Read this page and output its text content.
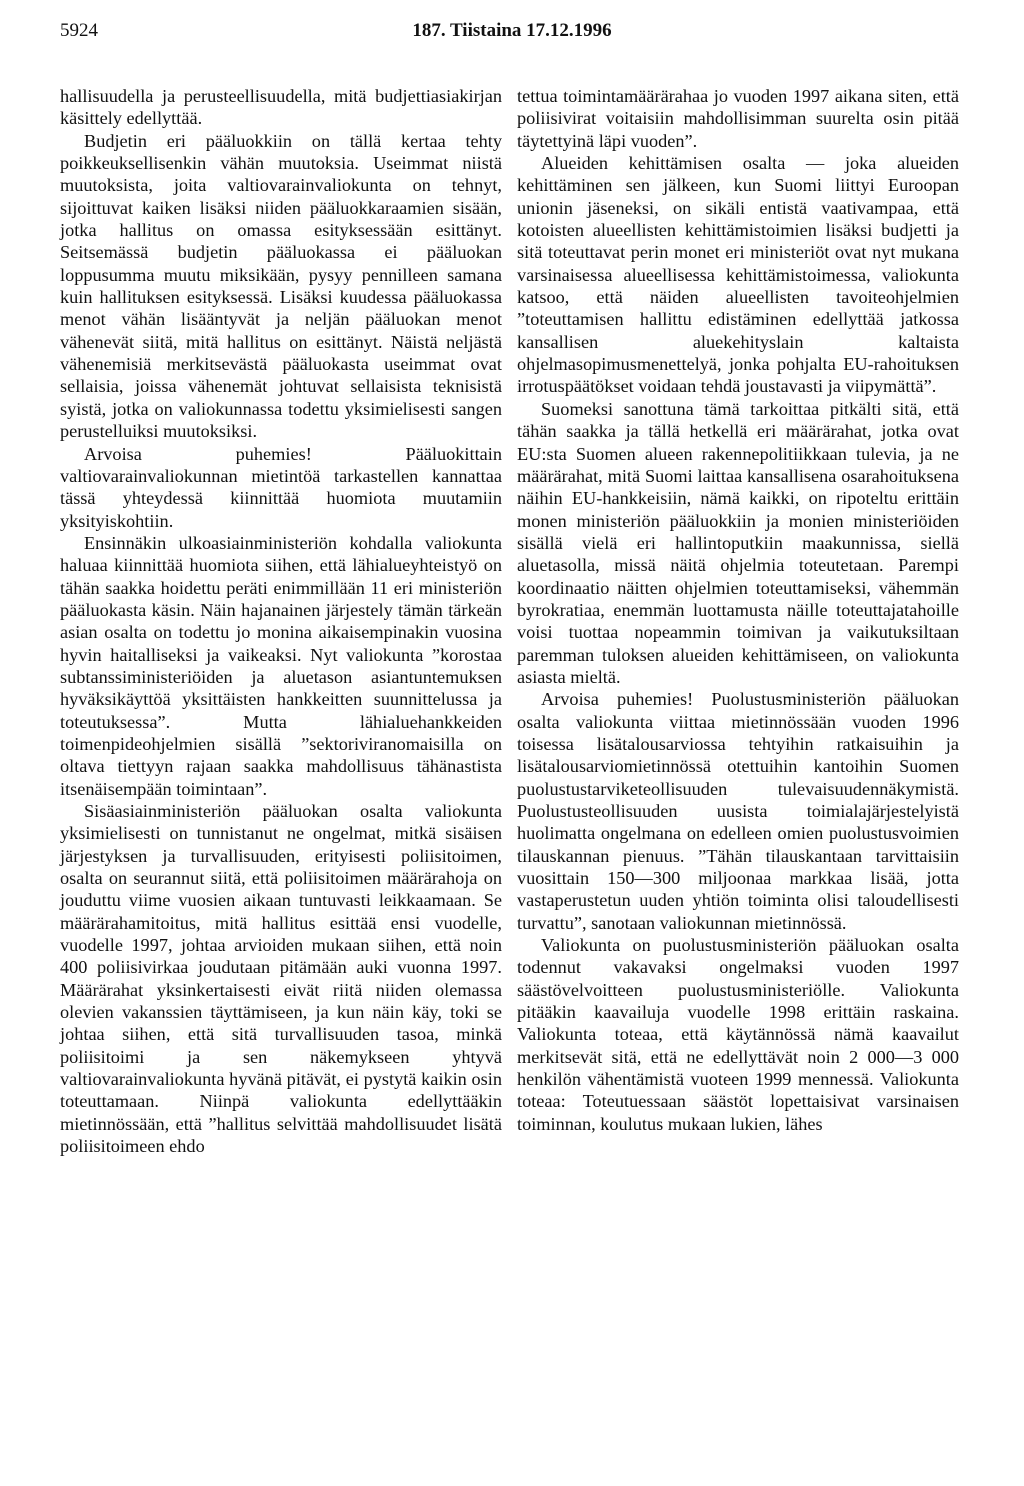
5924	187. Tiistaina 17.12.1996

hallisuudella ja perusteellisuudella, mitä budjettiasiakirjan käsittely edellyttää.

Budjetin eri pääluokkiin on tällä kertaa tehty poikkeuksellisenkin vähän muutoksia. Useimmat niistä muutoksista, joita valtiovarainvaliokunta on tehnyt, sijoittuvat kaiken lisäksi niiden pääluokkaraamien sisään, jotka hallitus on omassa esityksessään esittänyt. Seitsemässä budjetin pääluokassa ei pääluokan loppusumma muutu miksikään, pysyy pennilleen samana kuin hallituksen esityksessä. Lisäksi kuudessa pääluokassa menot vähän lisääntyvät ja neljän pääluokan menot vähenevät siitä, mitä hallitus on esittänyt. Näistä neljästä vähenemisiä merkitsevästä pääluokasta useimmat ovat sellaisia, joissa vähenemät johtuvat sellaisista teknisistä syistä, jotka on valiokunnassa todettu yksimielisesti sangen perustelluiksi muutoksiksi.

Arvoisa puhemies! Pääluokittain valtiovarainvaliokunnan mietintöä tarkastellen kannattaa tässä yhteydessä kiinnittää huomiota muutamiin yksityiskohtiin.

Ensinnäkin ulkoasiainministeriön kohdalla valiokunta haluaa kiinnittää huomiota siihen, että lähialueyhteistyö on tähän saakka hoidettu peräti enimmillään 11 eri ministeriön pääluokasta käsin. Näin hajanainen järjestely tämän tärkeän asian osalta on todettu jo monina aikaisempinakin vuosina hyvin haitalliseksi ja vaikeaksi. Nyt valiokunta ”korostaa subtanssiministeriöiden ja aluetason asiantuntemuksen hyväksikäyttöä yksittäisten hankkeitten suunnittelussa ja toteutuksessa”. Mutta lähialuehankkeiden toimenpideohjelmien sisällä ”sektoriviranomaisilla on oltava tiettyyn rajaan saakka mahdollisuus tähänastista itsenäisempään toimintaan”.

Sisäasiainministeriön pääluokan osalta valiokunta yksimielisesti on tunnistanut ne ongelmat, mitkä sisäisen järjestyksen ja turvallisuuden, erityisesti poliisitoimen, osalta on seurannut siitä, että poliisitoimen määrärahoja on jouduttu viime vuosien aikaan tuntuvasti leikkaamaan. Se määrärahamitoitus, mitä hallitus esittää ensi vuodelle, vuodelle 1997, johtaa arvioiden mukaan siihen, että noin 400 poliisivirkaa joudutaan pitämään auki vuonna 1997. Määrärahat yksinkertaisesti eivät riitä niiden olemassa olevien vakanssien täyttämiseen, ja kun näin käy, toki se johtaa siihen, että sitä turvallisuuden tasoa, minkä poliisitoimi ja sen näkemykseen yhtyvä valtiovarainvaliokunta hyvänä pitävät, ei pystytä kaikin osin toteuttamaan. Niinpä valiokunta edellyttääkin mietinnössään, että ”hallitus selvittää mahdollisuudet lisätä poliisitoimeen ehdo

tettua toimintamäärärahaa jo vuoden 1997 aikana siten, että poliisivirat voitaisiin mahdollisimman suurelta osin pitää täytettyinä läpi vuoden”.

Alueiden kehittämisen osalta — joka alueiden kehittäminen sen jälkeen, kun Suomi liittyi Euroopan unionin jäseneksi, on sikäli entistä vaativampaa, että kotoisten alueellisten kehittämistoimien lisäksi budjetti ja sitä toteuttavat perin monet eri ministeriöt ovat nyt mukana varsinaisessa alueellisessa kehittämistoimessa, valiokunta katsoo, että näiden alueellisten tavoiteohjelmien ”toteuttamisen hallittu edistäminen edellyttää jatkossa kansallisen aluekehityslain kaltaista ohjelmasopimusmenettelyä, jonka pohjalta EU-rahoituksen irrotuspäätökset voidaan tehdä joustavasti ja viipymättä”.

Suomeksi sanottuna tämä tarkoittaa pitkälti sitä, että tähän saakka ja tällä hetkellä eri määrärahat, jotka ovat EU:sta Suomen alueen rakennepolitiikkaan tulevia, ja ne määrärahat, mitä Suomi laittaa kansallisena osarahoituksena näihin EU-hankkeisiin, nämä kaikki, on ripoteltu erittäin monen ministeriön pääluokkiin ja monien ministeriöiden sisällä vielä eri hallintoputkiin maakunnissa, siellä aluetasolla, missä näitä ohjelmia toteutetaan. Parempi koordinaatio näitten ohjelmien toteuttamiseksi, vähemmän byrokratiaa, enemmän luottamusta näille toteuttajatahoille voisi tuottaa nopeammin toimivan ja vaikutuksiltaan paremman tuloksen alueiden kehittämiseen, on valiokunta asiasta mieltä.

Arvoisa puhemies! Puolustusministeriön pääluokan osalta valiokunta viittaa mietinnössään vuoden 1996 toisessa lisätalousarviossa tehtyihin ratkaisuihin ja lisätalousarviomietinnössä otettuihin kantoihin Suomen puolustustarviketeollisuuden tulevaisuudennäkymistä. Puolustusteollisuuden uusista toimialajärjestelyistä huolimatta ongelmana on edelleen omien puolustusvoimien tilauskannan pienuus. ”Tähän tilauskantaan tarvittaisiin vuosittain 150—300 miljoonaa markkaa lisää, jotta vastaperustetun uuden yhtiön toiminta olisi taloudellisesti turvattu”, sanotaan valiokunnan mietinnössä.

Valiokunta on puolustusministeriön pääluokan osalta todennut vakavaksi ongelmaksi vuoden 1997 säästövelvoitteen puolustusministeriölle. Valiokunta pitääkin kaavailuja vuodelle 1998 erittäin raskaina. Valiokunta toteaa, että käytännössä nämä kaavailut merkitsevät sitä, että ne edellyttävät noin 2 000—3 000 henkilön vähentämistä vuoteen 1999 mennessä. Valiokunta toteaa: Toteutuessaan säästöt lopettaisivat varsinaisen toiminnan, koulutus mukaan lukien, lähes
